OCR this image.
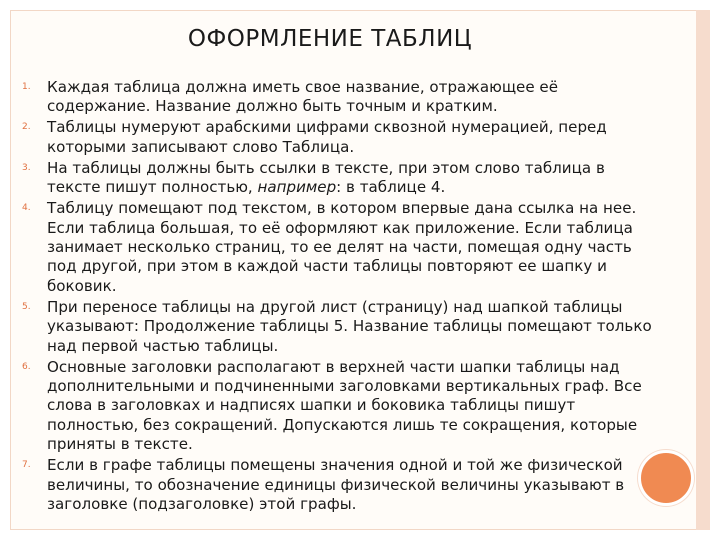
ОФОРМЛЕНИЕ ТАБЛИЦ
1. Каждая таблица должна иметь свое название, отражающее её содержание. Название должно быть точным и кратким.
2. Таблицы нумеруют арабскими цифрами сквозной нумерацией, перед которыми записывают слово Таблица.
3. На таблицы должны быть ссылки в тексте, при этом слово таблица в тексте пишут полностью, например: в таблице 4.
4. Таблицу помещают под текстом, в котором впервые дана ссылка на нее. Если таблица большая, то её оформляют как приложение. Если таблица занимает несколько страниц, то ее делят на части, помещая одну часть под другой, при этом в каждой части таблицы повторяют ее шапку и боковик.
5. При переносе таблицы на другой лист (страницу) над шапкой таблицы указывают: Продолжение таблицы 5. Название таблицы помещают только над первой частью таблицы.
6. Основные заголовки располагают в верхней части шапки таблицы над дополнительными и подчиненными заголовками вертикальных граф. Все слова в заголовках и надписях шапки и боковика таблицы пишут полностью, без сокращений. Допускаются лишь те сокращения, которые приняты в тексте.
7. Если в графе таблицы помещены значения одной и той же физической величины, то обозначение единицы физической величины указывают в заголовке (подзаголовке) этой графы.
